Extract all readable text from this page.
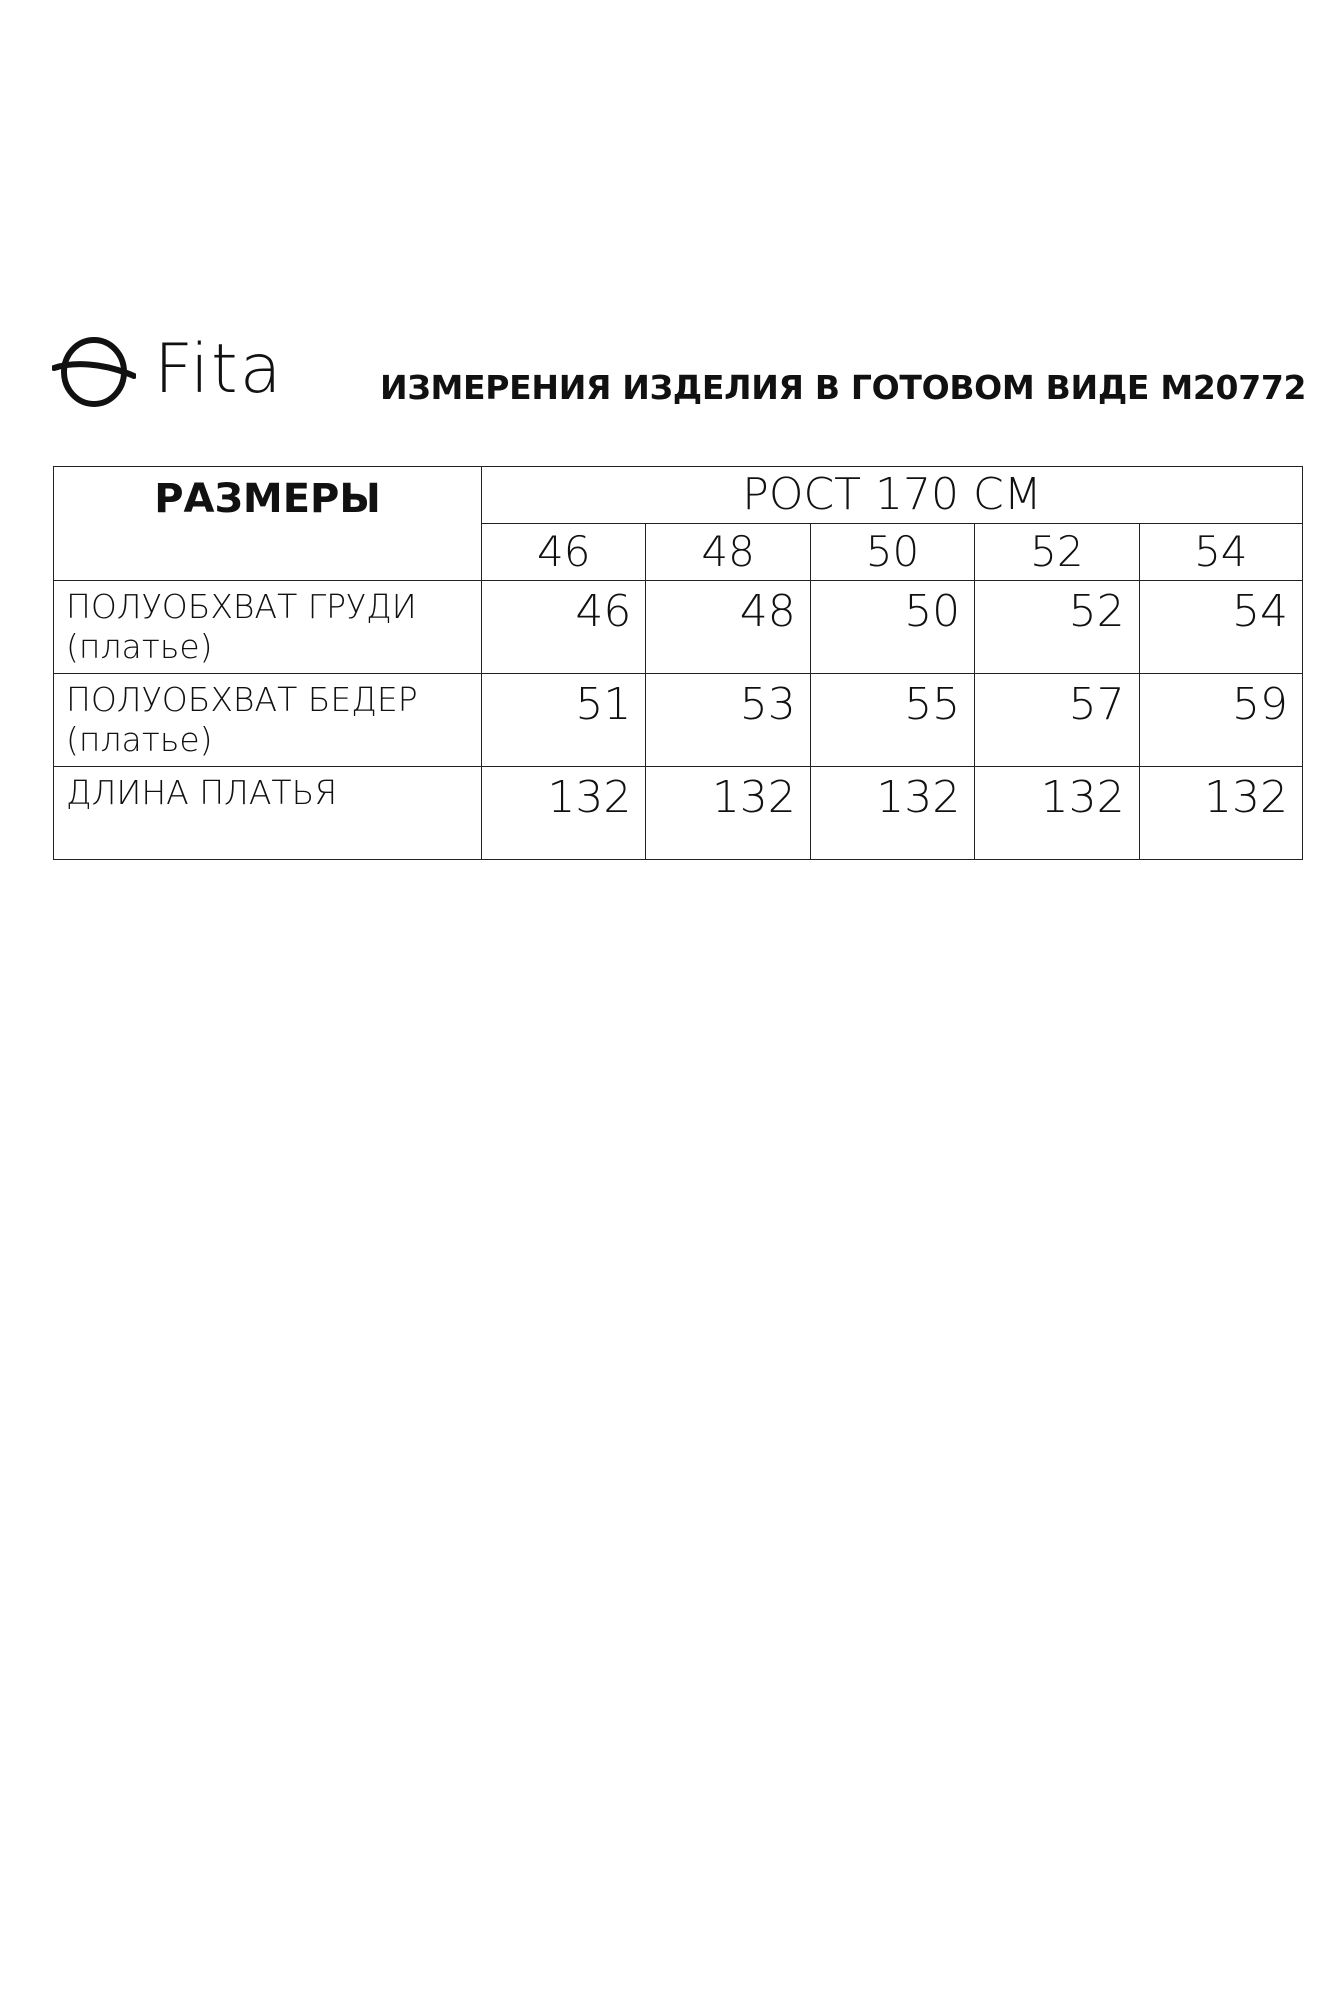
Fita	ИЗМЕРЕНИЯ ИЗДЕЛИЯ В ГОТОВОМ ВИДЕ М20772
РАЗМЕРЫ	РОСТ 170 СМ				
	46	48	50	52	54

ПОЛУОБХВАТ ГРУДИ
(платье)	46	48	50	52	54

ПОЛУОБХВАТ БЕДЕР
(платье)	51	53	55	57	59

ДЛИНА ПЛАТЬЯ	132	132	132	132	132
